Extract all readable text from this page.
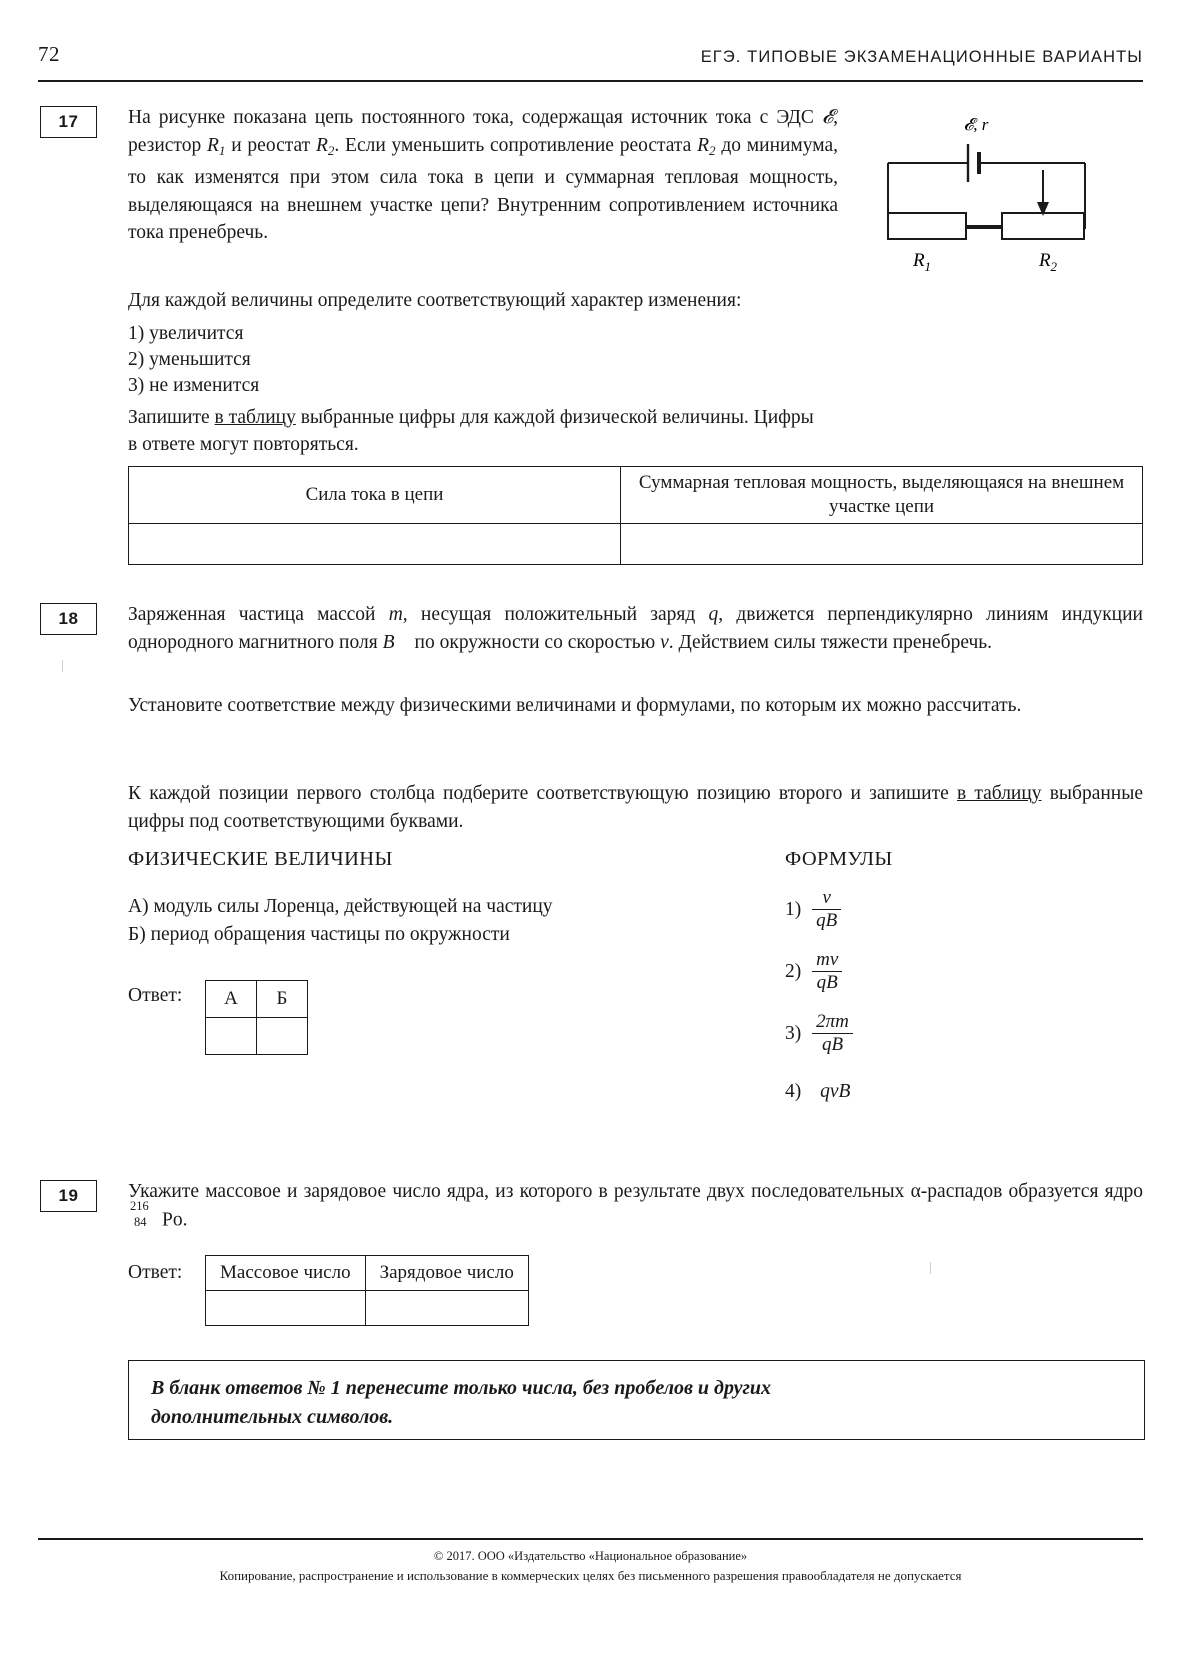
72	ЕГЭ. ТИПОВЫЕ ЭКЗАМЕНАЦИОННЫЕ ВАРИАНТЫ
17	На рисунке показана цепь постоянного тока, содержащая источник тока с ЭДС 𝓔, резистор $R_1$ и реостат $R_2$. Если уменьшить сопротивление реостата $R_2$ до минимума, то как изменятся при этом сила тока в цепи и суммарная тепловая мощность, выделяющаяся на внешнем участке цепи? Внутренним сопротивлением источника тока пренебречь.
𝓔, r
$R_1$	$R_2$
Для каждой величины определите соответствующий характер изменения:
1) увеличится
2) уменьшится
3) не изменится
Запишите в таблицу выбранные цифры для каждой физической величины. Цифры
в ответе могут повторяться.
Сила тока в цепи	Суммарная тепловая мощность, выделяющаяся на внешнем участке цепи

18	Заряженная частица массой m, несущая положительный заряд q, движется перпендикулярно линиям индукции однородного магнитного поля B⃗ по окружности со скоростью v. Действием силы тяжести пренебречь.
Установите соответствие между физическими величинами и формулами, по которым их можно рассчитать.
К каждой позиции первого столбца подберите соответствующую позицию второго и запишите в таблицу выбранные цифры под соответствующими буквами.
ФИЗИЧЕСКИЕ ВЕЛИЧИНЫ	ФОРМУЛЫ
А) модуль силы Лоренца, действующей на частицу
Б) период обращения частицы по окружности
$1) \frac{v}{qB}$
$2) \frac{mv}{qB}$
$3) \frac{2\pi m}{qB}$
4) qvB
Ответ: А	Б

19	Укажите массовое и зарядовое число ядра, из которого в результате двух последовательных α-распадов образуется ядро
216
84 Po.
Ответ: Массовое число	Зарядовое число

В бланк ответов № 1 перенесите только числа, без пробелов и других
дополнительных символов.
© 2017. ООО «Издательство «Национальное образование»
Копирование, распространение и использование в коммерческих целях без письменного разрешения правообладателя не допускается
